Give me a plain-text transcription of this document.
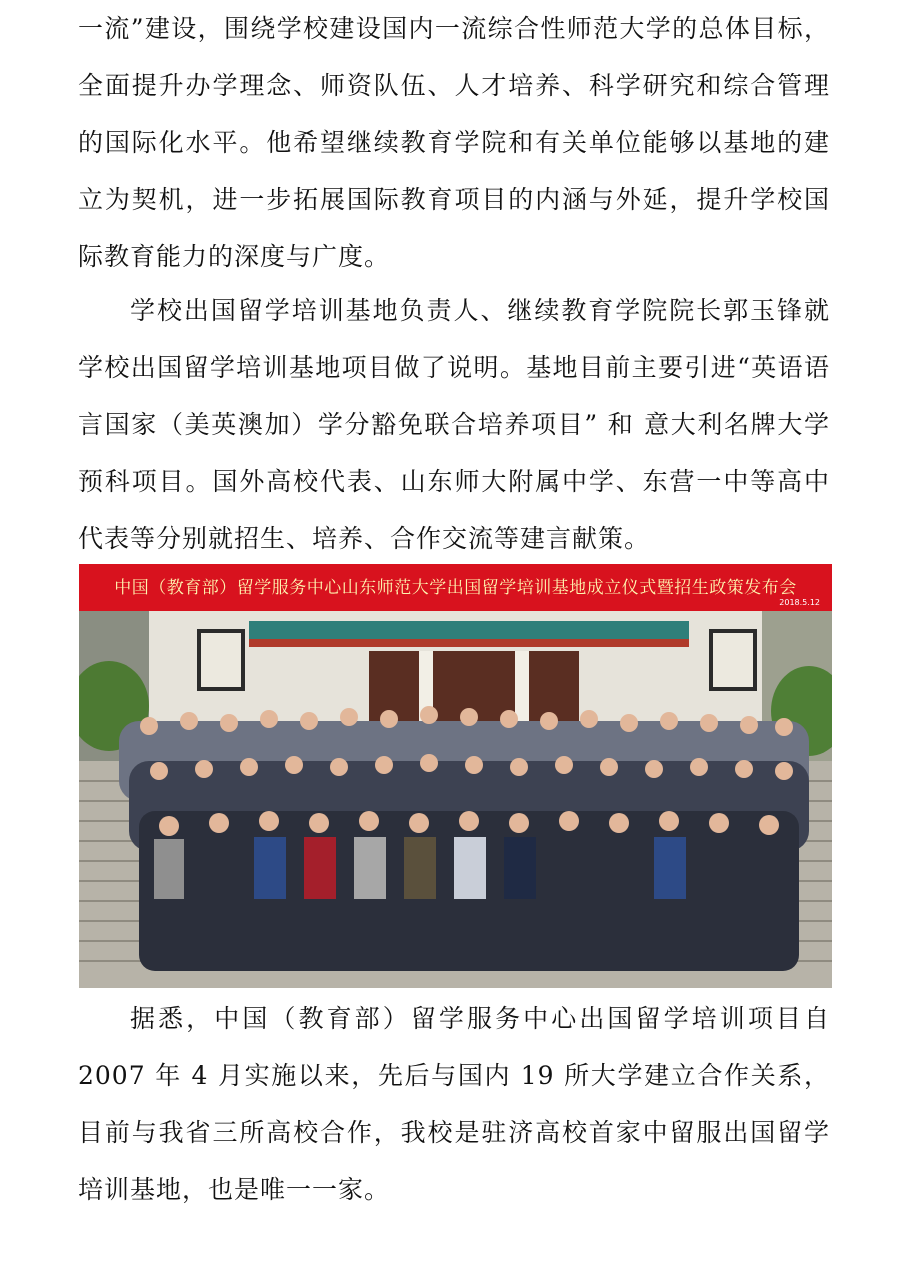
一流”建设，围绕学校建设国内一流综合性师范大学的总体目标，全面提升办学理念、师资队伍、人才培养、科学研究和综合管理的国际化水平。他希望继续教育学院和有关单位能够以基地的建立为契机，进一步拓展国际教育项目的内涵与外延，提升学校国际教育能力的深度与广度。

学校出国留学培训基地负责人、继续教育学院院长郭玉锋就学校出国留学培训基地项目做了说明。基地目前主要引进“英语语言国家（美英澳加）学分豁免联合培养项目” 和 意大利名牌大学预科项目。国外高校代表、山东师大附属中学、东营一中等高中代表等分别就招生、培养、合作交流等建言献策。

中国（教育部）留学服务中心山东师范大学出国留学培训基地成立仪式暨招生政策发布会
2018.5.12

据悉，中国（教育部）留学服务中心出国留学培训项目自2007 年 4 月实施以来，先后与国内 19 所大学建立合作关系，目前与我省三所高校合作，我校是驻济高校首家中留服出国留学培训基地，也是唯一一家。
